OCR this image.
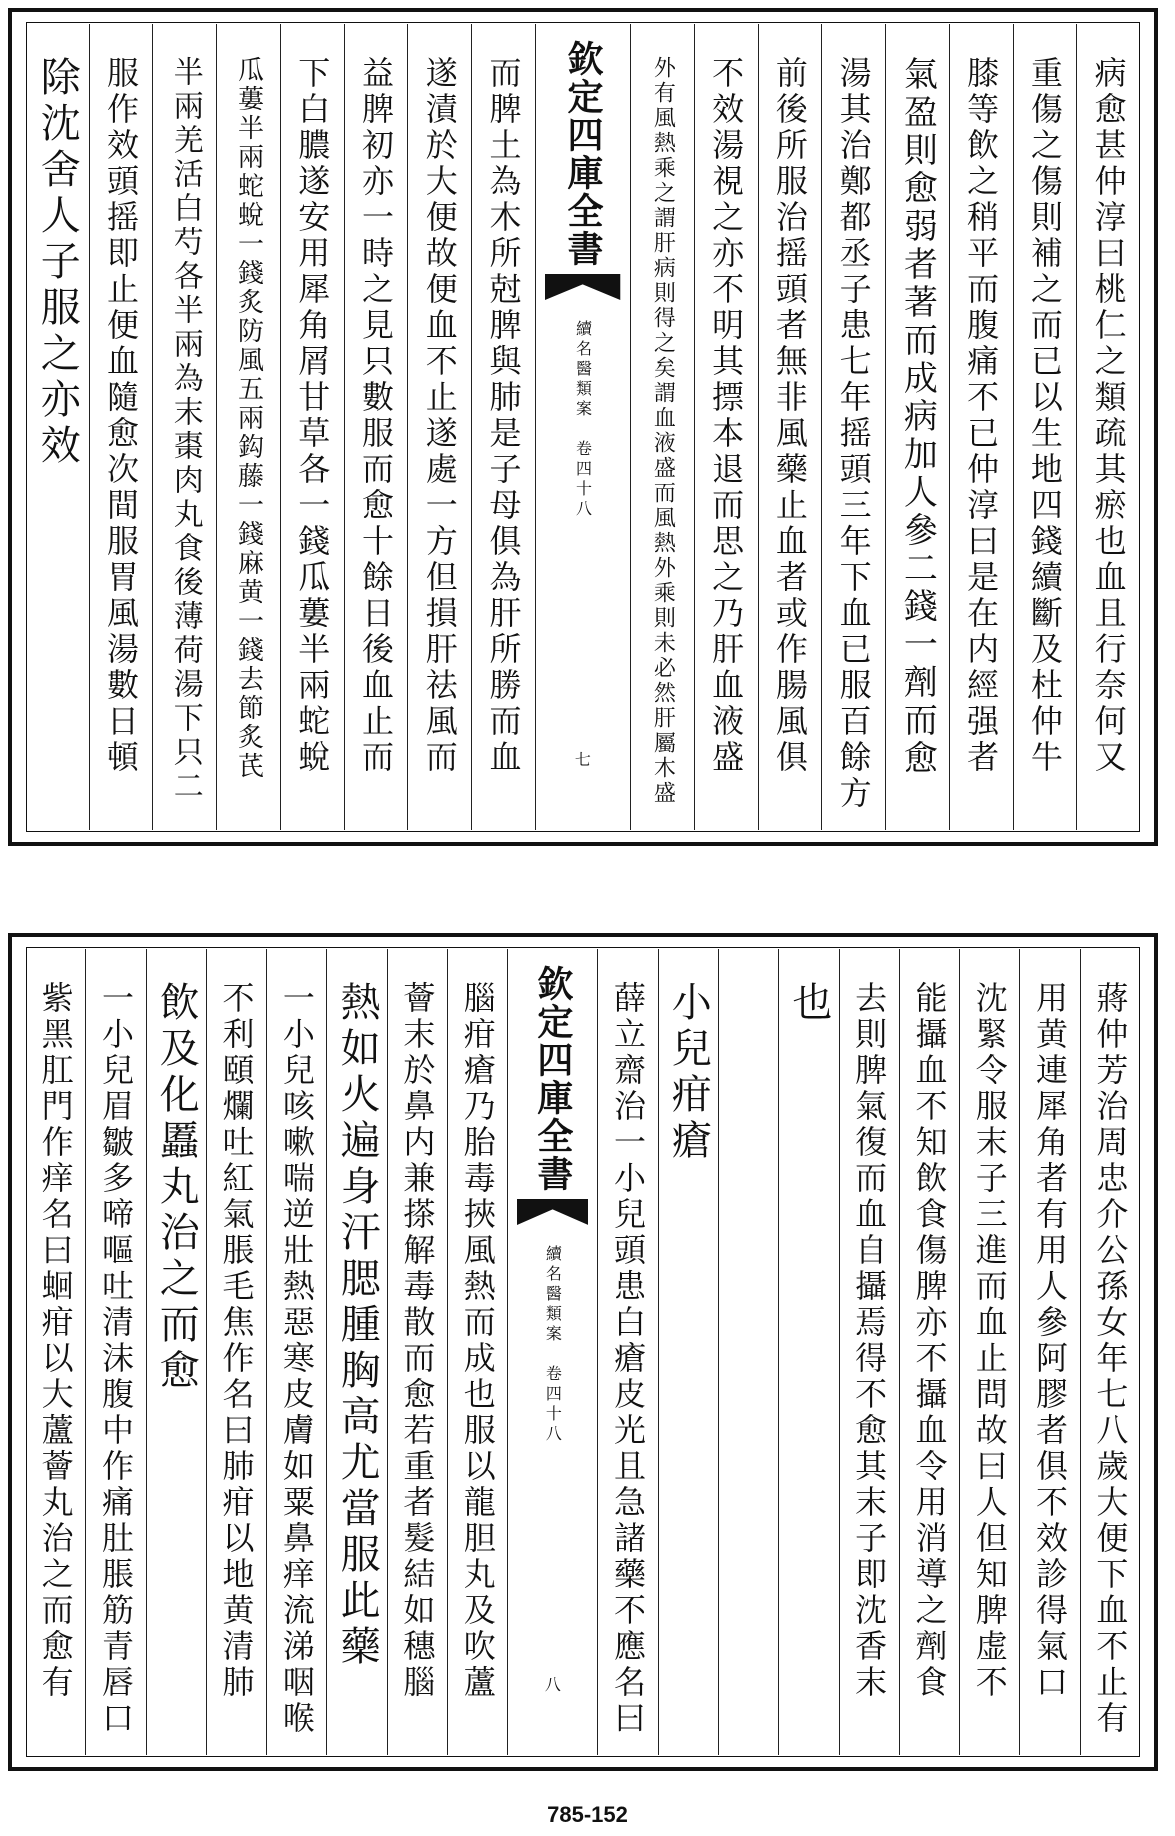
病愈甚仲淳曰桃仁之類疏其瘀也血且行奈何又
重傷之傷則補之而已以生地四錢續斷及杜仲牛
膝等飲之稍平而腹痛不已仲淳曰是在内經强者
氣盈則愈弱者著而成病加人參二錢一劑而愈
湯其治鄭都丞子患七年摇頭三年下血已服百餘方
前後所服治摇頭者無非風藥止血者或作腸風俱
不效湯視之亦不明其摽本退而思之乃肝血液盛
外有風熱乘之謂肝病則得之矣謂血液盛而風熱外乘則未必然肝屬木盛
欽定四庫全書
續名醫類案　卷四十八
七
而脾土為木所尅脾與肺是子母俱為肝所勝而血
遂漬於大便故便血不止遂處一方但損肝祛風而
益脾初亦一時之見只數服而愈十餘日後血止而
下白膿遂安用犀角屑甘草各一錢瓜蔞半兩蛇蛻
瓜蔞半兩蛇蛻一錢炙防風五兩鈎藤一錢麻黄一錢去節炙芪
半兩羌活白芍各半兩為末棗肉丸食後薄荷湯下只二
服作效頭摇即止便血隨愈次間服胃風湯數日頓
除沈舍人子服之亦效
蔣仲芳治周忠介公孫女年七八歲大便下血不止有
用黄連犀角者有用人參阿膠者俱不效診得氣口
沈緊令服末子三進而血止問故曰人但知脾虚不
能攝血不知飲食傷脾亦不攝血令用消導之劑食
去則脾氣復而血自攝焉得不愈其末子即沈香末
也
小兒疳瘡
薛立齋治一小兒頭患白瘡皮光且急諸藥不應名曰
欽定四庫全書
續名醫類案　卷四十八
八
腦疳瘡乃胎毒挾風熱而成也服以龍胆丸及吹蘆
薈末於鼻内兼搽解毒散而愈若重者髮結如穗腦
熱如火遍身汗腮腫胸高尤當服此藥
一小兒咳嗽喘逆壯熱惡寒皮膚如粟鼻痒流涕咽喉
不利頤爛吐紅氣脹毛焦作名曰肺疳以地黄清肺
飲及化䘌丸治之而愈
一小兒眉皺多啼嘔吐清沫腹中作痛肚脹筋青唇口
紫黑肛門作痒名曰蛔疳以大蘆薈丸治之而愈有
785-152
